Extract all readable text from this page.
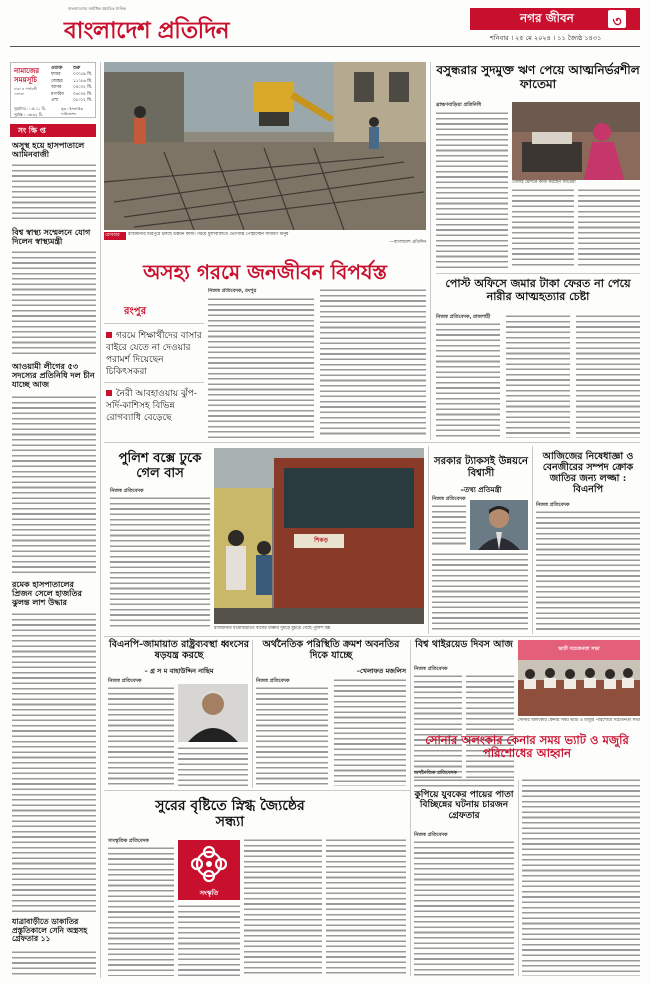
বাংলাদেশের সর্বাধিক প্রচারিত দৈনিক
বাংলাদেশ প্রতিদিন	নগর জীবন	৩
শনিবার । ২৫ মে ২০২৪ । ১১ জ্যৈষ্ঠ ১৪৩১
নামাজের সময়সূচি
ঢাকা ও পার্শ্ববর্তী এলাকা
ওয়াক্ত শুরু
ফজর
জোহর
আসর
মাগরিব
এশা
০৩:৫৯ মি.
১১:৫৬ মি.
০৪:৩২ মি.
০৬:৩৫ মি.
০৮:০২ মি.
সূর্যোদয় : ০৫:১১ মি.
সূর্যাস্ত : ০৬:৩২ মি.
সূত্র : ইসলামিক ফাউন্ডেশন
সং ক্ষি প্ত
অসুস্থ হয়ে হাসপাতালে আমিনবাজী
বিশ্ব স্বাস্থ্য সম্মেলনে যোগ দিলেন স্বাস্থ্যমন্ত্রী
আওয়ামী লীগের ৫৩ সদস্যের প্রতিনিধি দল চীন যাচ্ছে আজ
রমেক হাসপাতালের প্রিজন সেলে হাজতির ঝুলন্ত লাশ উদ্ধার
যাত্রাবাড়ীতে ডাকাতির প্রস্তুতিকালে সেনি অস্ত্রসহ গ্রেফতার ১১
রোববার রাজধানীর মিরপুরে চলছে উন্নয়ন কাজ। গরমে ধুলাবালিতে ভোগান্তি পোহাচ্ছেন সাধারণ মানুষ
—বাংলাদেশ প্রতিদিন
অসহ্য গরমে জনজীবন বিপর্যস্ত
রংপুর
গরমে শিক্ষার্থীদের বাসার বাইরে যেতে না দেওয়ার পরামর্শ দিয়েছেন চিকিৎসকরা
নৈরী আবহাওয়ায় ঝুঁপ-সর্দি-কাশিসহ বিভিন্ন রোগব্যাধি বেড়েছে
নিজস্ব প্রতিবেদক, রংপুর
বসুন্ধরার সুদমুক্ত ঋণ পেয়ে আত্মনির্ভরশীল ফাতেমা
ব্রাহ্মণবাড়িয়া প্রতিনিধি
সেলাই মেশিনে কাজ করছেন ফাতেমা
পোস্ট অফিসে জমার টাকা ফেরত না পেয়ে নারীর আত্মহত্যার চেষ্টা
নিজস্ব প্রতিবেদক, রাজশাহী
পুলিশ বক্সে ঢুকে গেল বাস
নিজস্ব প্রতিবেদক
শিকড়
রাজধানীর যাত্রাবাড়ীতে বাসের ধাক্কায় দুমড়ে মুচড়ে গেছে পুলিশ বক্স
সরকার ট্যাকসই উন্নয়নে বিশ্বাসী
–তথ্য প্রতিমন্ত্রী
নিজস্ব প্রতিবেদক
আজিজের নিষেধাজ্ঞা ও বেনজীরের সম্পদ ক্রোক জাতির জন্য লজ্জা : বিএনপি
নিজস্ব প্রতিবেদক
বিএনপি-জামায়াত রাষ্ট্রব্যবস্থা ধ্বংসের ষড়যন্ত্র করছে
– গ্র স ম বাহাউদ্দিন নাছিম
নিজস্ব প্রতিবেদক
অর্থনৈতিক পরিস্থিতি ক্রমশ অবনতির দিকে যাচ্ছে
–খেলাফত মজলিস
নিজস্ব প্রতিবেদক
বিশ্ব থাইরয়েড দিবস আজ
নিজস্ব প্রতিবেদক
ভ্যাট সচেতনতা সভা
সোনার অলংকার কেনার সময় ভ্যাট ও মজুরি পরিশোধে সচেতনতা সভা
সোনার অলংকার কেনার সময় ভ্যাট ও মজুরি পরিশোধের আহ্বান
অর্থনৈতিক প্রতিবেদক
সুরের বৃষ্টিতে স্নিগ্ধ জ্যৈষ্ঠের সন্ধ্যা
সাংস্কৃতিক প্রতিবেদক
সংস্কৃতি
কুপিয়ে যুবকের পায়ের পাতা বিচ্ছিন্নের ঘটনায় চারজন গ্রেফতার
নিজস্ব প্রতিবেদক
